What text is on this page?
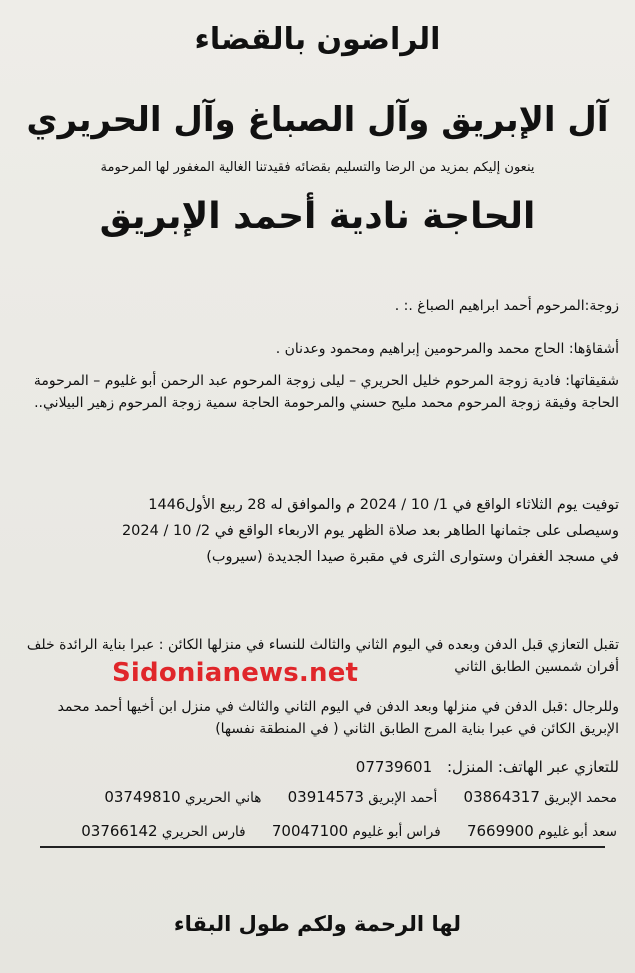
الراضون بالقضاء
آل الإبريق وآل الصباغ وآل الحريري
ينعون إليكم بمزيد من الرضا والتسليم بقضائه فقيدتنا الغالية المغفور لها المرحومة
الحاجة نادية أحمد الإبريق
زوجة:المرحوم أحمد ابراهيم الصباغ .: .
أشقاؤها: الحاج محمد والمرحومين إبراهيم ومحمود وعدنان .
شقيقاتها: فادية زوجة المرحوم خليل الحريري – ليلى زوجة المرحوم عبد الرحمن أبو غليوم – المرحومة الحاجة وفيقة زوجة المرحوم محمد مليح حسني والمرحومة الحاجة سمية زوجة المرحوم زهير البيلاني..
توفيت يوم الثلاثاء الواقع في 1/ 10 / 2024 م والموافق له 28 ربيع الأول1446
وسيصلى على جثمانها الطاهر بعد صلاة الظهر يوم الاربعاء الواقع في 2/ 10 / 2024
في مسجد الغفران وستوارى الثرى في مقبرة صيدا الجديدة (سيروب)
تقبل التعازي قبل الدفن وبعده في اليوم الثاني والثالث للنساء في منزلها الكائن : عبرا بناية الرائدة خلف أفران شمسين الطابق الثاني
Sidonianews.net
وللرجال :قبل الدفن في منزلها وبعد الدفن في اليوم الثاني والثالث في منزل ابن أخيها أحمد محمد الإبريق الكائن في عبرا بناية المرج الطابق الثاني ( في المنطقة نفسها)
للتعازي عبر الهاتف: المنزل: 07739601
محمد الإبريق 03864317 أحمد الإبريق 03914573 هاني الحريري 03749810
سعد أبو غليوم 7669900 فراس أبو غليوم 70047100 فارس الحريري 03766142
لها الرحمة ولكم طول البقاء
